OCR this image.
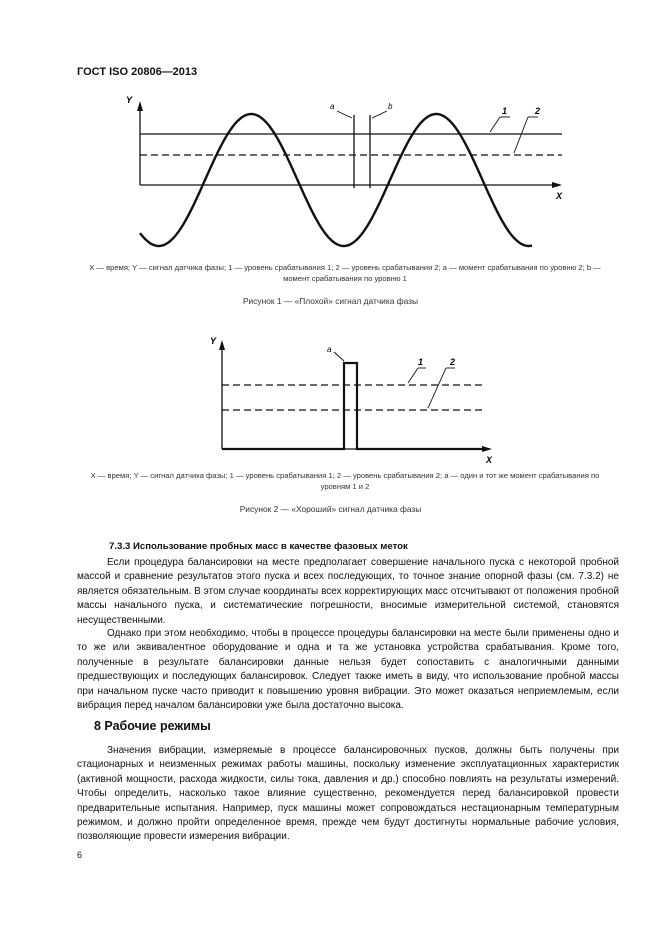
ГОСТ ISO 20806—2013
Y
X
a	b	1	2
X — время; Y — сигнал датчика фазы; 1 — уровень срабатывания 1; 2 — уровень срабатывания 2; a — момент срабатывания по уровню 2; b — момент срабатывания по уровню 1
Рисунок 1 — «Плохой» сигнал датчика фазы
Y
X
a
1	2
X — время; Y — сигнал датчика фазы; 1 — уровень срабатывания 1; 2 — уровень срабатывания 2; a — один и тот же момент срабатывания по уровням 1 и 2
Рисунок 2 — «Хороший» сигнал датчика фазы
7.3.3 Использование пробных масс в качестве фазовых меток

Если процедура балансировки на месте предполагает совершение начального пуска с некоторой пробной массой и сравнение результатов этого пуска и всех последующих, то точное знание опорной фазы (см. 7.3.2) не является обязательным. В этом случае координаты всех корректирующих масс отсчитывают от положения пробной массы начального пуска, и систематические погрешности, вносимые измерительной системой, становятся несущественными.

Однако при этом необходимо, чтобы в процессе процедуры балансировки на месте были применены одно и то же или эквивалентное оборудование и одна и та же установка устройства срабатывания. Кроме того, полученные в результате балансировки данные нельзя будет сопоставить с аналогичными данными предшествующих и последующих балансировок. Следует также иметь в виду, что использование пробной массы при начальном пуске часто приводит к повышению уровня вибрации. Это может оказаться неприемлемым, если вибрация перед началом балансировки уже была достаточно высока.

8 Рабочие режимы

Значения вибрации, измеряемые в процессе балансировочных пусков, должны быть получены при стационарных и неизменных режимах работы машины, поскольку изменение эксплуатационных характеристик (активной мощности, расхода жидкости, силы тока, давления и др.) способно повлиять на результаты измерений. Чтобы определить, насколько такое влияние существенно, рекомендуется перед балансировкой провести предварительные испытания. Например, пуск машины может сопровождаться нестационарным температурным режимом, и должно пройти определенное время, прежде чем будут достигнуты нормальные рабочие условия, позволяющие провести измерения вибрации.

6
